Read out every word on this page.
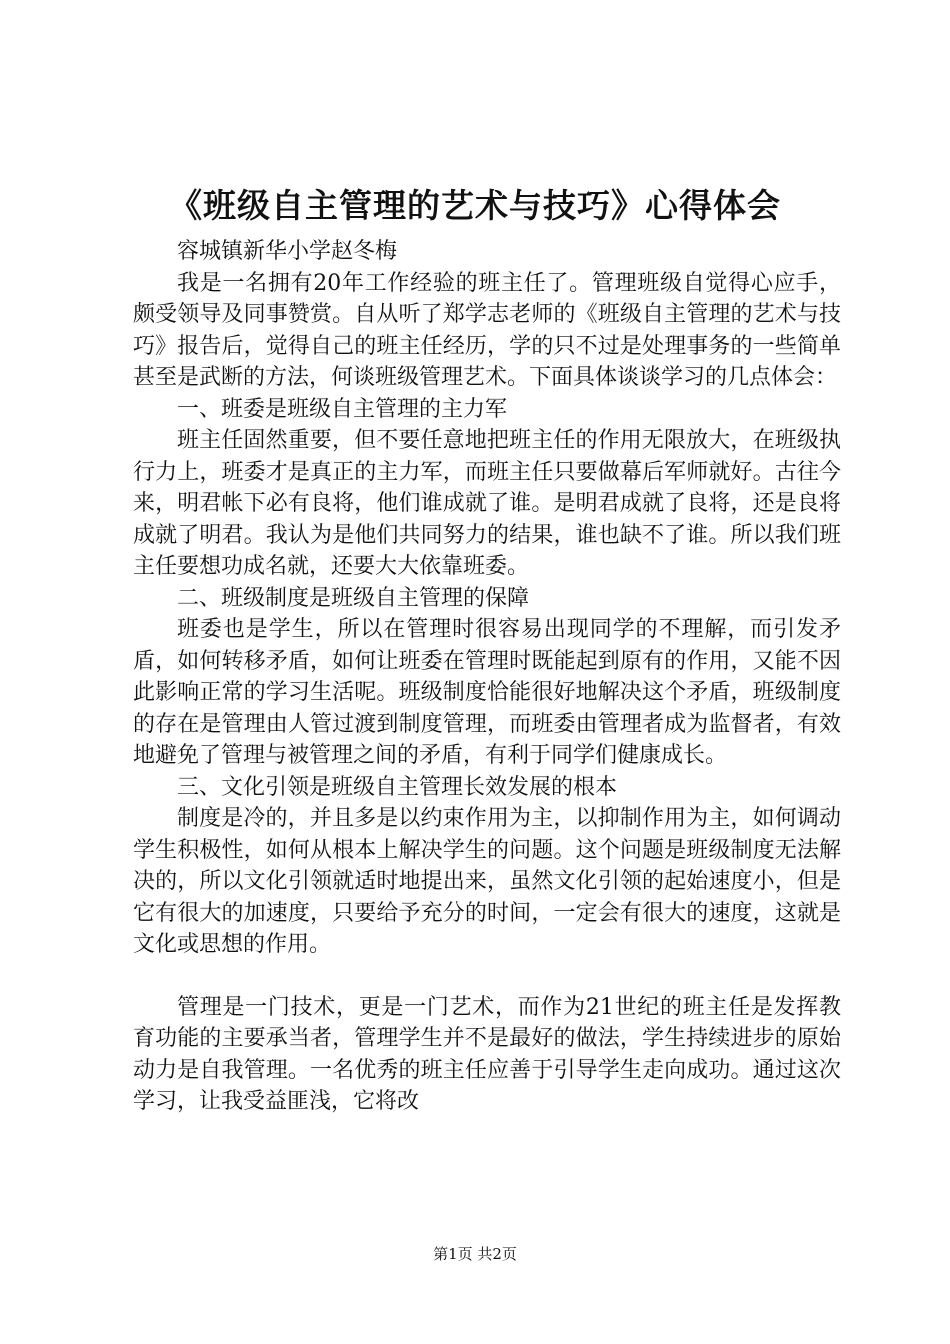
《班级自主管理的艺术与技巧》心得体会

容城镇新华小学赵冬梅

我是一名拥有20年工作经验的班主任了。管理班级自觉得心应手，颇受领导及同事赞赏。自从听了郑学志老师的《班级自主管理的艺术与技巧》报告后，觉得自己的班主任经历，学的只不过是处理事务的一些简单甚至是武断的方法，何谈班级管理艺术。下面具体谈谈学习的几点体会：

一、班委是班级自主管理的主力军

班主任固然重要，但不要任意地把班主任的作用无限放大，在班级执行力上，班委才是真正的主力军，而班主任只要做幕后军师就好。古往今来，明君帐下必有良将，他们谁成就了谁。是明君成就了良将，还是良将成就了明君。我认为是他们共同努力的结果，谁也缺不了谁。所以我们班主任要想功成名就，还要大大依靠班委。

二、班级制度是班级自主管理的保障

班委也是学生，所以在管理时很容易出现同学的不理解，而引发矛盾，如何转移矛盾，如何让班委在管理时既能起到原有的作用，又能不因此影响正常的学习生活呢。班级制度恰能很好地解决这个矛盾，班级制度的存在是管理由人管过渡到制度管理，而班委由管理者成为监督者，有效地避免了管理与被管理之间的矛盾，有利于同学们健康成长。

三、文化引领是班级自主管理长效发展的根本

制度是冷的，并且多是以约束作用为主，以抑制作用为主，如何调动学生积极性，如何从根本上解决学生的问题。这个问题是班级制度无法解决的，所以文化引领就适时地提出来，虽然文化引领的起始速度小，但是它有很大的加速度，只要给予充分的时间，一定会有很大的速度，这就是文化或思想的作用。

管理是一门技术，更是一门艺术，而作为21世纪的班主任是发挥教育功能的主要承当者，管理学生并不是最好的做法，学生持续进步的原始动力是自我管理。一名优秀的班主任应善于引导学生走向成功。通过这次学习，让我受益匪浅，它将改

第1页 共2页
